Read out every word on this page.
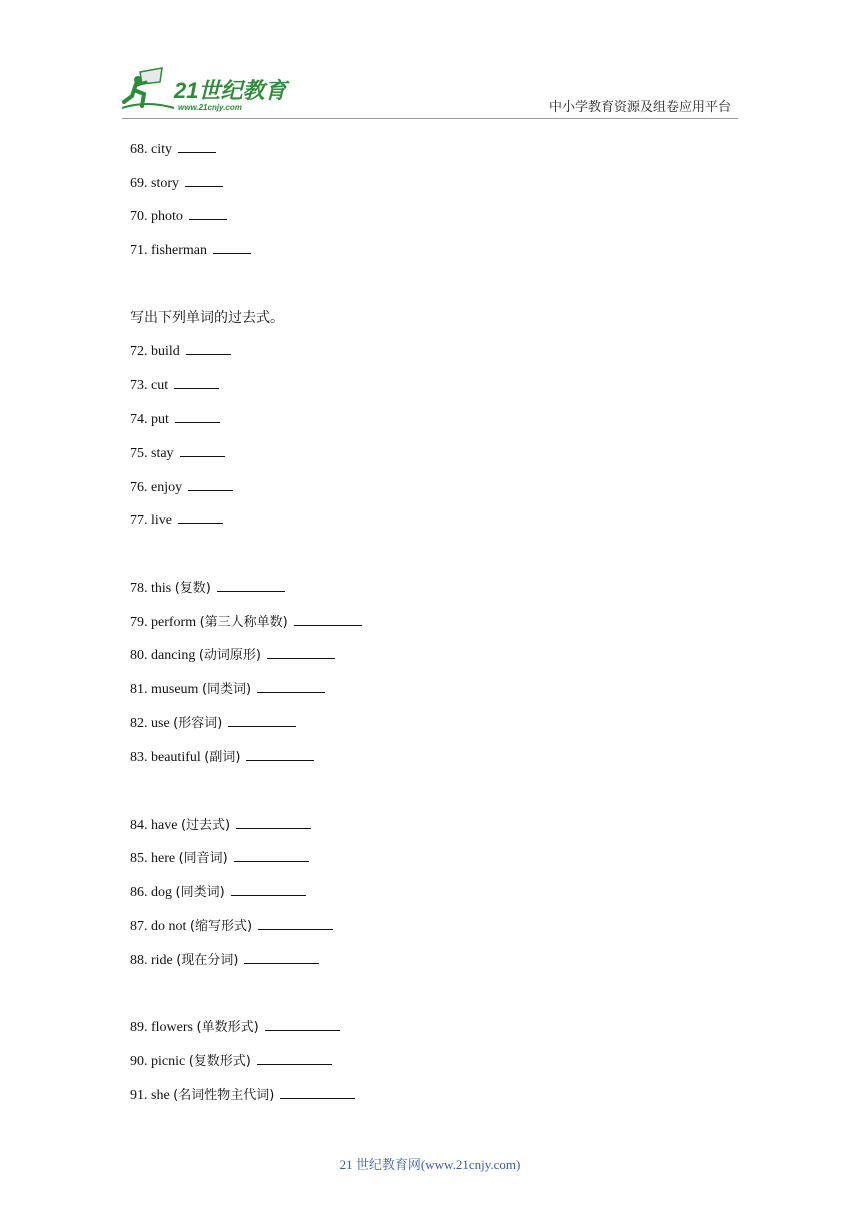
21世纪教育
www.21cnjy.com	中小学教育资源及组卷应用平台
68. city
69. story
70. photo
71. fisherman
写出下列单词的过去式。
72. build
73. cut
74. put
75. stay
76. enjoy
77. live
78. this (复数)
79. perform (第三人称单数)
80. dancing (动词原形)
81. museum (同类词)
82. use (形容词)
83. beautiful (副词)
84. have (过去式)
85. here (同音词)
86. dog (同类词)
87. do not (缩写形式)
88. ride (现在分词)
89. flowers (单数形式)
90. picnic (复数形式)
91. she (名词性物主代词)
21 世纪教育网(www.21cnjy.com)
